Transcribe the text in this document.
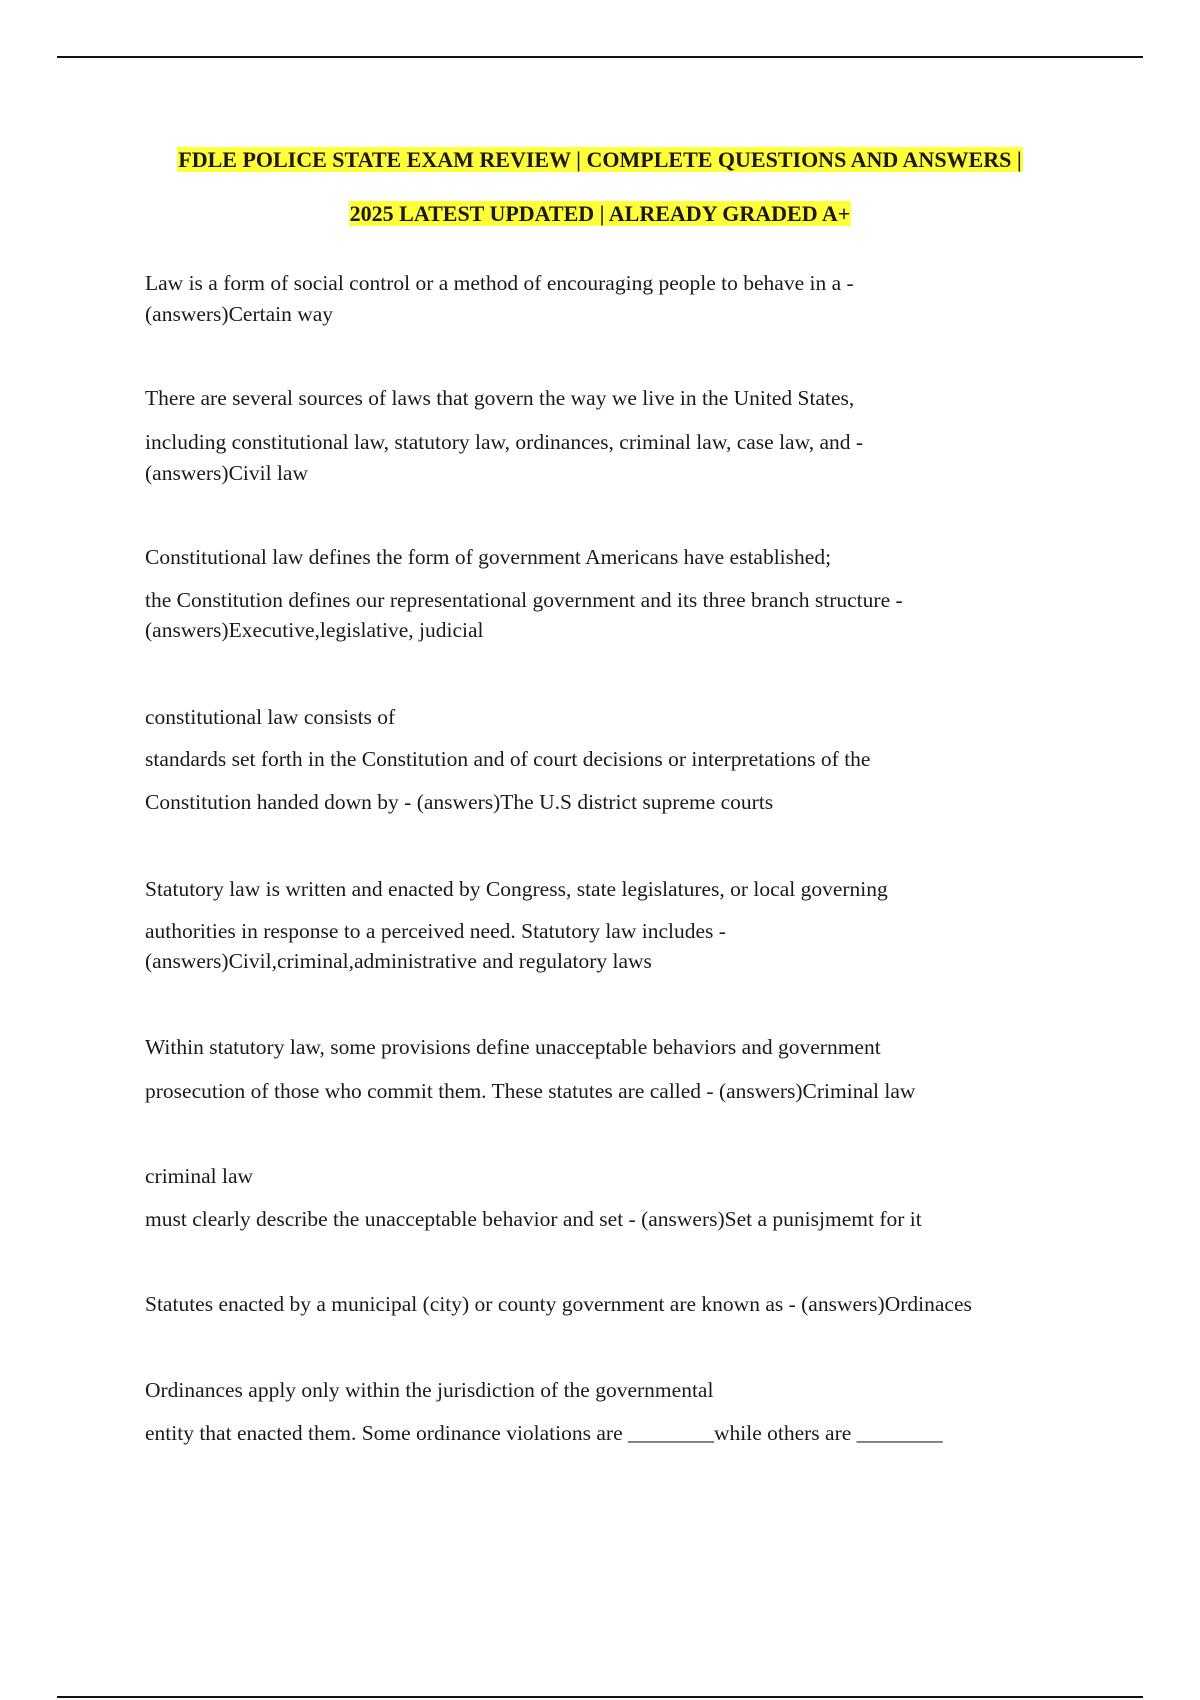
FDLE POLICE STATE EXAM REVIEW | COMPLETE QUESTIONS AND ANSWERS |
2025 LATEST UPDATED | ALREADY GRADED A+
Law is a form of social control or a method of encouraging people to behave in a -
(answers)Certain way
There are several sources of laws that govern the way we live in the United States,
including constitutional law, statutory law, ordinances, criminal law, case law, and -
(answers)Civil law
Constitutional law defines the form of government Americans have established;
the Constitution defines our representational government and its three branch structure -
(answers)Executive,legislative, judicial
constitutional law consists of
standards set forth in the Constitution and of court decisions or interpretations of the
Constitution handed down by - (answers)The U.S district supreme courts
Statutory law is written and enacted by Congress, state legislatures, or local governing
authorities in response to a perceived need. Statutory law includes -
(answers)Civil,criminal,administrative and regulatory laws
Within statutory law, some provisions define unacceptable behaviors and government
prosecution of those who commit them. These statutes are called - (answers)Criminal law
criminal law
must clearly describe the unacceptable behavior and set - (answers)Set a punisjmemt for it
Statutes enacted by a municipal (city) or county government are known as - (answers)Ordinaces
Ordinances apply only within the jurisdiction of the governmental
entity that enacted them. Some ordinance violations are ________while others are ________
